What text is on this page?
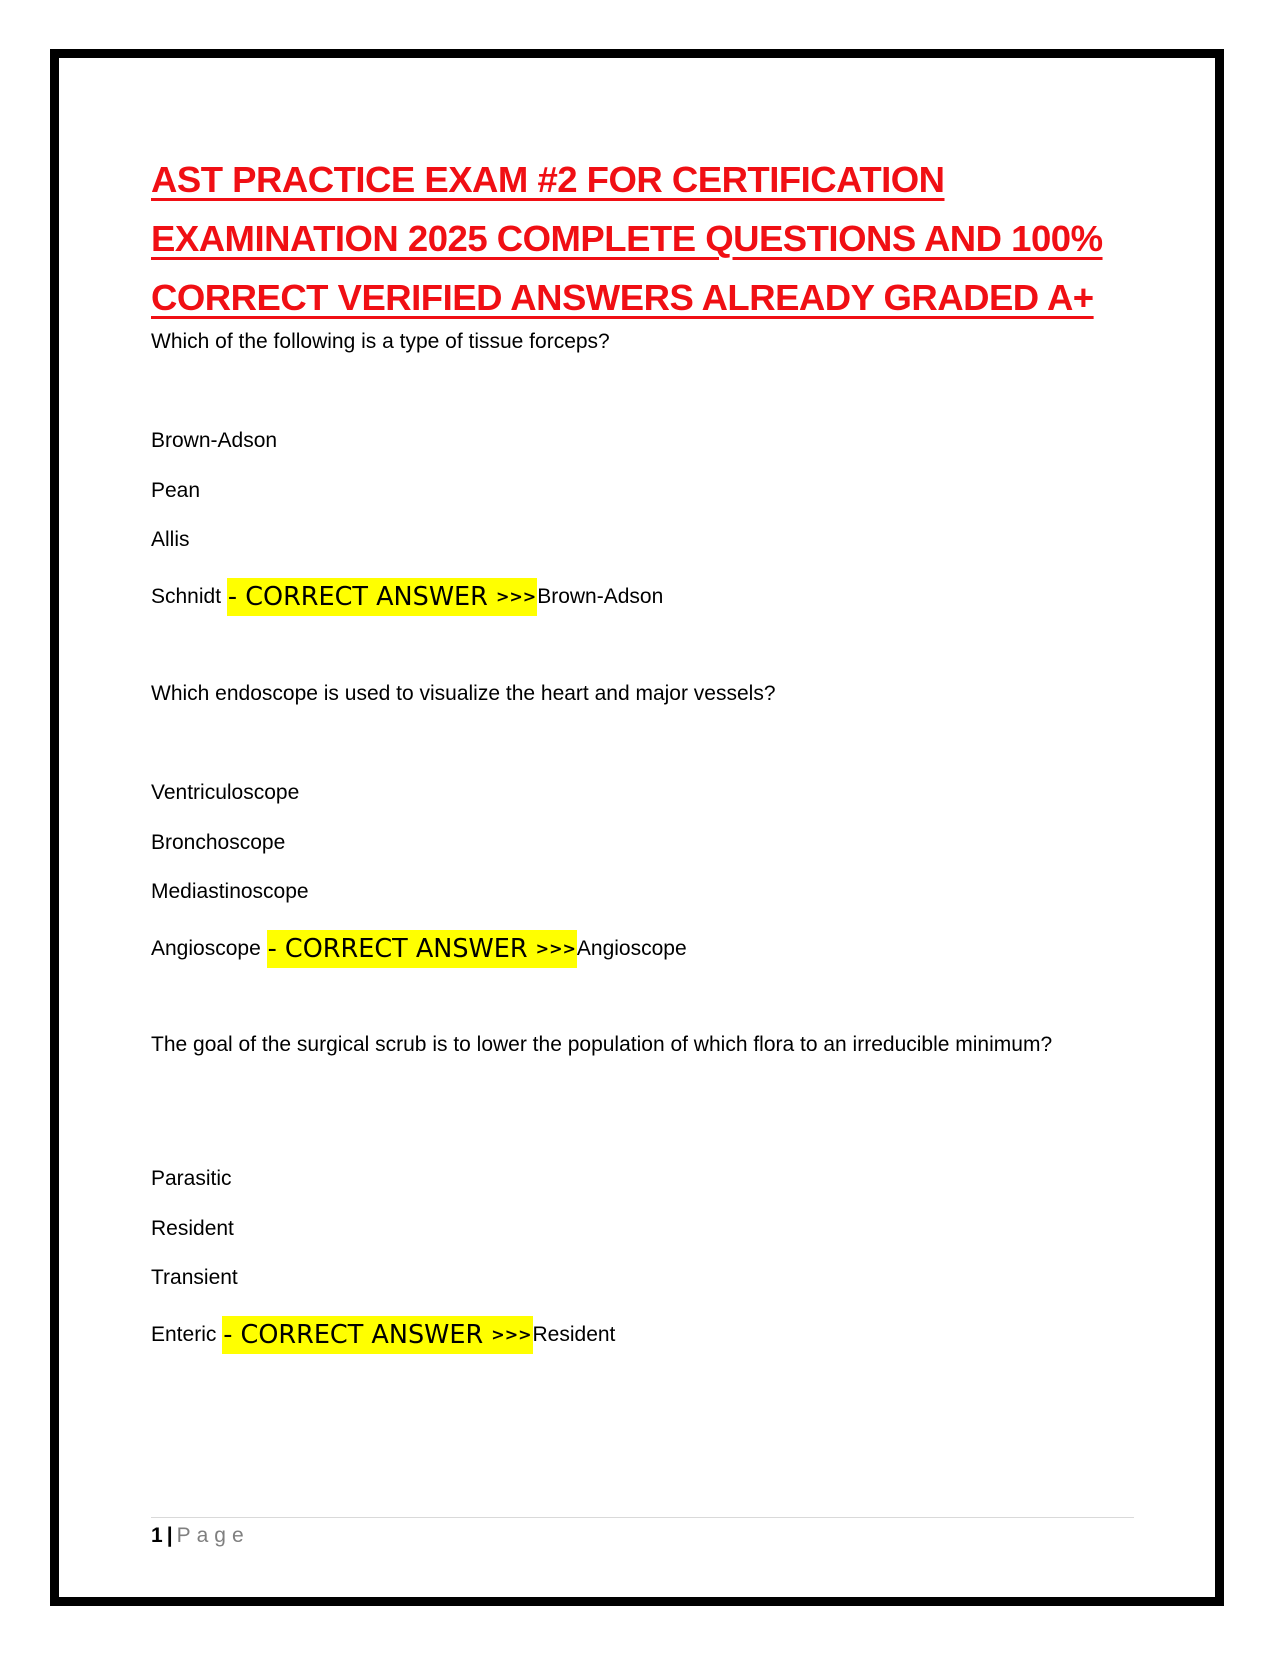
AST PRACTICE EXAM #2 FOR CERTIFICATION
EXAMINATION 2025 COMPLETE QUESTIONS AND 100%
CORRECT VERIFIED ANSWERS ALREADY GRADED A+

Which of the following is a type of tissue forceps?

Brown-Adson
Pean
Allis
Schnidt - CORRECT ANSWER >>>Brown-Adson

Which endoscope is used to visualize the heart and major vessels?

Ventriculoscope
Bronchoscope
Mediastinoscope
Angioscope - CORRECT ANSWER >>>Angioscope

The goal of the surgical scrub is to lower the population of which flora to an irreducible minimum?

Parasitic
Resident
Transient
Enteric - CORRECT ANSWER >>>Resident
1 | Page
